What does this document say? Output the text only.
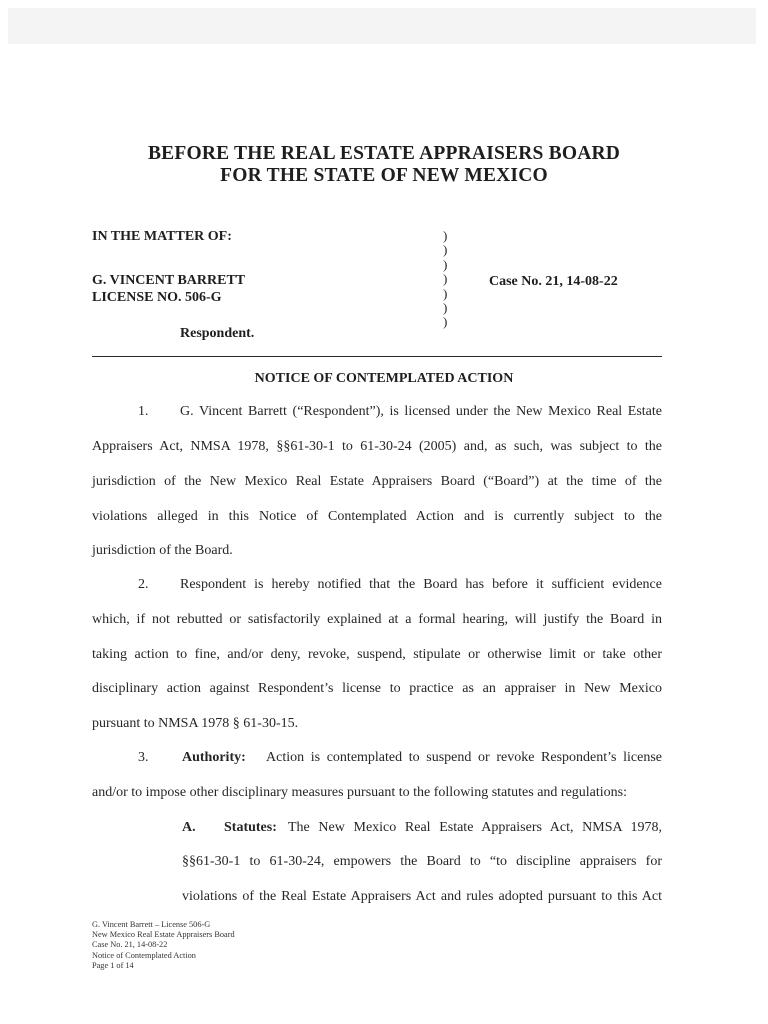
BEFORE THE REAL ESTATE APPRAISERS BOARD
FOR THE STATE OF NEW MEXICO
IN THE MATTER OF:
G. VINCENT BARRETT
LICENSE NO. 506-G
Respondent.
Case No. 21, 14-08-22
)
)
)
)
)
)
)
NOTICE OF CONTEMPLATED ACTION
1. G. Vincent Barrett (“Respondent”), is licensed under the New Mexico Real Estate
Appraisers Act, NMSA 1978, §§61-30-1 to 61-30-24 (2005) and, as such, was subject to the
jurisdiction of the New Mexico Real Estate Appraisers Board (“Board”) at the time of the
violations alleged in this Notice of Contemplated Action and is currently subject to the
jurisdiction of the Board.
2. Respondent is hereby notified that the Board has before it sufficient evidence
which, if not rebutted or satisfactorily explained at a formal hearing, will justify the Board in
taking action to fine, and/or deny, revoke, suspend, stipulate or otherwise limit or take other
disciplinary action against Respondent’s license to practice as an appraiser in New Mexico
pursuant to NMSA 1978 § 61-30-15.
3. Authority: Action is contemplated to suspend or revoke Respondent’s license
and/or to impose other disciplinary measures pursuant to the following statutes and regulations:
A. Statutes: The New Mexico Real Estate Appraisers Act, NMSA 1978,
§§61-30-1 to 61-30-24, empowers the Board to “to discipline appraisers for
violations of the Real Estate Appraisers Act and rules adopted pursuant to this Act
G. Vincent Barrett – License 506-G
New Mexico Real Estate Appraisers Board
Case No. 21, 14-08-22
Notice of Contemplated Action
Page 1 of 14
